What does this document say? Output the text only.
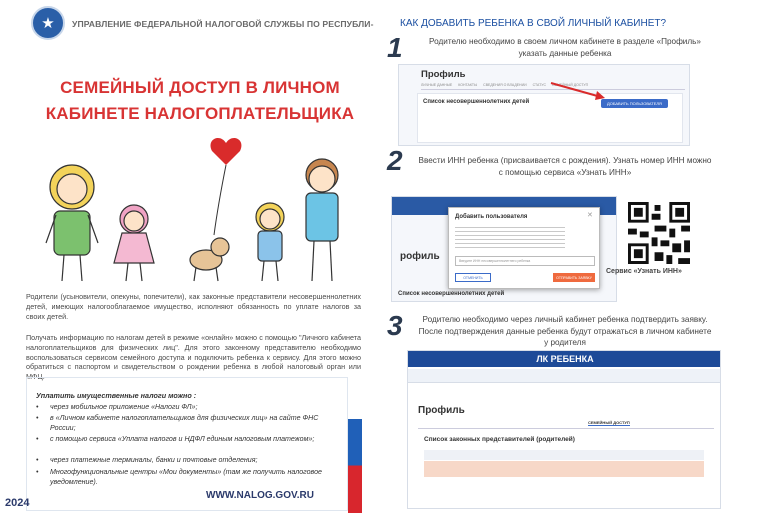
★	УПРАВЛЕНИЕ ФЕДЕРАЛЬНОЙ НАЛОГОВОЙ СЛУЖБЫ ПО РЕСПУБЛИ-
СЕМЕЙНЫЙ ДОСТУП В ЛИЧНОМ
КАБИНЕТЕ НАЛОГОПЛАТЕЛЬЩИКА
Родители (усыновители, опекуны, попечители), как законные представители несовершеннолетних детей, имеющих налогооблагаемое имущество, исполняют обязанность по уплате налогов за своих детей.
Получать информацию по налогам детей в режиме «онлайн» можно с помощью "Личного кабинета налогоплательщиков для физических лиц". Для этого законному представителю необходимо воспользоваться сервисом семейного доступа и подключить ребенка к сервису. Для этого можно обратиться с паспортом и свидетельством о рождении ребенка в любой налоговый орган или МФЦ.
Уплатить имущественные налоги можно :
•	через мобильное приложение «Налоги ФЛ»;
•	в «Личном кабинете налогоплательщиков для физических лиц» на сайте ФНС России;
•	с помощью сервиса «Уплата налогов и НДФЛ единым налоговым платежом»;
•	через платежные терминалы, банки и почтовые отделения;
•	Многофункциональные центры «Мои документы» (там же получить налоговое уведомление).
2024
WWW.NALOG.GOV.RU
КАК ДОБАВИТЬ РЕБЕНКА В СВОЙ ЛИЧНЫЙ КАБИНЕТ?
1	Родителю необходимо в своем личном кабинете в разделе «Профиль» указать данные ребенка
Профиль
ЛИЧНЫЕ ДАННЫЕ КОНТАКТЫ СВЕДЕНИЯ О ВЛАДЕНИИ СТАТУС СЕМЕЙНЫЙ ДОСТУП
Список несовершеннолетних детей	ДОБАВИТЬ ПОЛЬЗОВАТЕЛЯ
2 Ввести ИНН ребенка (присваивается с рождения). Узнать номер ИНН можно с помощью сервиса «Узнать ИНН»
рофиль
Список несовершеннолетних детей
Добавить пользователя	✕
Введите ИНН несовершеннолетнего ребенка
ОТМЕНИТЬ	ОТПРАВИТЬ ЗАЯВКУ
Сервис «Узнать ИНН»
3	Родителю необходимо через личный кабинет ребенка подтвердить заявку. После подтверждения данные ребенка будут отражаться в личном кабинете у родителя
ЛК РЕБЕНКА
Профиль
СЕМЕЙНЫЙ ДОСТУП
Список законных представителей (родителей)
